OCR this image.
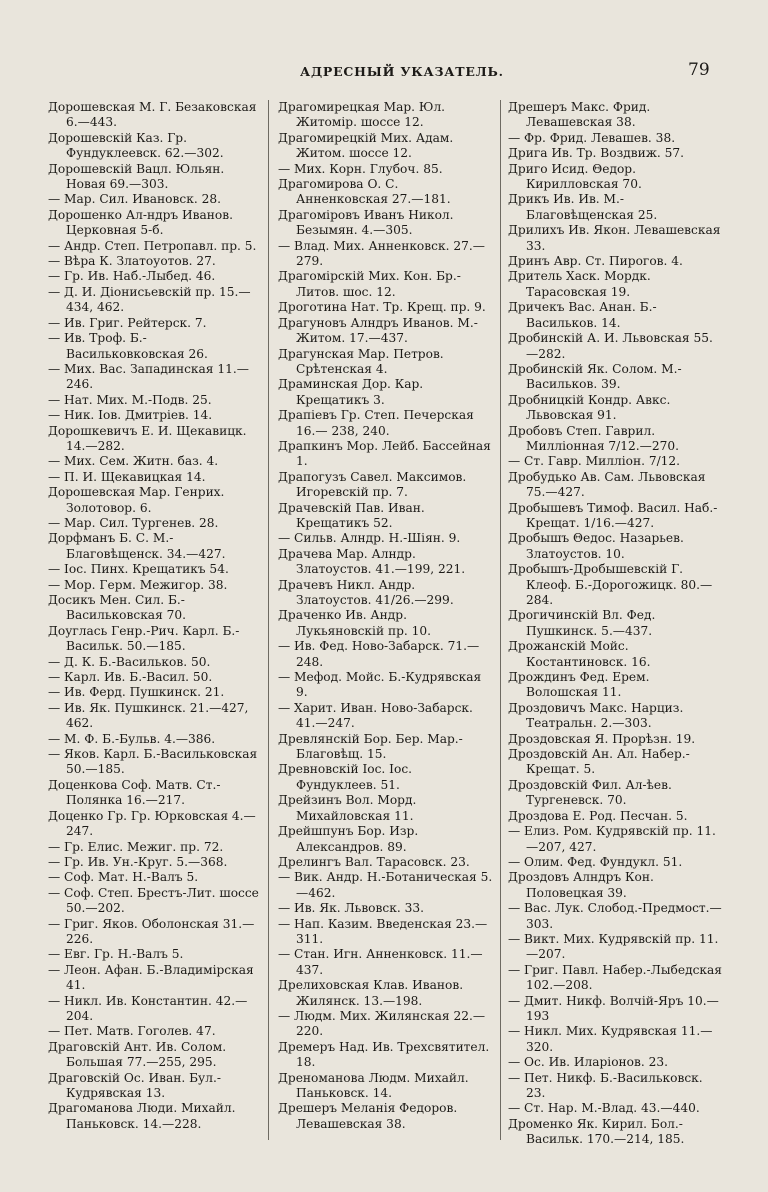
АДРЕСНЫЙ УКАЗАТЕЛЬ.	79

Дорошевская М. Г. Безаковская 6.—443.

Дорошевскій Каз. Гр. Фундуклеевск. 62.—302.

Дорошевскій Вацл. Юльян. Новая 69.—303.

— Мар. Сил. Ивановск. 28.

Дорошенко Ал-ндръ Иванов. Церковная 5-б.

— Андр. Степ. Петропавл. пр. 5.

— Вѣра К. Златоуотов. 27.

— Гр. Ив. Наб.-Лыбед. 46.

— Д. И. Діонисьевскій пр. 15.—434, 462.

— Ив. Григ. Рейтерск. 7.

— Ив. Троф. Б.-Васильковковская 26.

— Мих. Вас. Западинская 11.—246.

— Нат. Мих. М.-Подв. 25.

— Ник. Іов. Дмитріев. 14.

Дорошкевичъ Е. И. Щекавицк. 14.—282.

— Мих. Сем. Житн. баз. 4.

— П. И. Щекавицкая 14.

Дорошевская Мар. Генрих. Золотовор. 6.

— Мар. Сил. Тургенев. 28.

Дорфманъ Б. С. М.-Благовѣщенск. 34.—427.

— Іос. Пинх. Крещатикъ 54.

— Мор. Герм. Межигор. 38.

Досикъ Мен. Сил. Б.-Васильковская 70.

Доуглась Генр.-Рич. Карл. Б.-Васильк. 50.—185.

— Д. К. Б.-Васильков. 50.

— Карл. Ив. Б.-Васил. 50.

— Ив. Ферд. Пушкинск. 21.

— Ив. Як. Пушкинск. 21.—427, 462.

— М. Ф. Б.-Бульв. 4.—386.

— Яков. Карл. Б.-Васильковская 50.—185.

Доценкова Соф. Матв. Ст.-Полянка 16.—217.

Доценко Гр. Гр. Юрковская 4.—247.

— Гр. Елис. Межиг. пр. 72.

— Гр. Ив. Ун.-Круг. 5.—368.

— Соф. Мат. Н.-Валъ 5.

— Соф. Степ. Брестъ-Лит. шоссе 50.—202.

— Григ. Яков. Оболонская 31.—226.

— Евг. Гр. Н.-Валъ 5.

— Леон. Афан. Б.-Владимірская 41.

— Никл. Ив. Константин. 42.—204.

— Пет. Матв. Гоголев. 47.

Драговскій Ант. Ив. Солом. Большая 77.—255, 295.

Драговскій Ос. Иван. Бул.-Кудрявская 13.

Драгоманова Люди. Михайл. Паньковск. 14.—228.

Драгомирецкая Мар. Юл. Житоміp. шоссе 12.

Драгомирецкій Мих. Адам. Житом. шоссе 12.

— Мих. Корн. Глубоч. 85.

Драгомирова О. С. Анненковская 27.—181.

Драгоміровъ Иванъ Никол. Безымян. 4.—305.

— Влад. Мих. Анненковск. 27.—279.

Драгомірскій Мих. Кон. Бр.-Литов. шос. 12.

Дроготина Нат. Тр. Крещ. пр. 9.

Драгуновъ Алндръ Иванов. М.-Житом. 17.—437.

Драгунская Мар. Петров. Срѣтенская 4.

Драминская Дор. Кар. Крещатикъ 3.

Драпіевъ Гр. Степ. Печерская 16.— 238, 240.

Драпкинъ Мор. Лейб. Бассейная 1.

Драпогузъ Савел. Максимов. Игоревскій пр. 7.

Драчевскій Пав. Иван. Крещатикъ 52.

— Сильв. Алндр. Н.-Шіян. 9.

Драчева Мар. Алндр. Златоустов. 41.—199, 221.

Драчевъ Никл. Андр. Златоустов. 41/26.—299.

Драченко Ив. Андр. Лукьяновскій пр. 10.

— Ив. Фед. Ново-Забарск. 71.—248.

— Мефод. Мойс. Б.-Кудрявская 9.

— Харит. Иван. Ново-Забарск. 41.—247.

Древлянскій Бор. Бер. Мар.-Благовѣщ. 15.

Древновскій Іос. Іос. Фундуклеев. 51.

Дрейзинъ Вол. Морд. Михайловская 11.

Дрейшпунъ Бор. Изр. Александров. 89.

Дрелингъ Вал. Тарасовск. 23.

— Вик. Андр. Н.-Ботаническая 5.—462.

— Ив. Як. Львовск. 33.

— Нап. Казим. Введенская 23.—311.

— Стан. Игн. Анненковск. 11.—437.

Дрелиховская Клав. Иванов. Жилянск. 13.—198.

— Людм. Мих. Жилянская 22.—220.

Дремеръ Над. Ив. Трехсвятител. 18.

Дреномaнова Людм. Михайл. Паньковск. 14.

Дрешеръ Меланія Федоров. Левашевская 38.

Дрешеръ Макс. Фрид. Левашевская 38.

— Фр. Фрид. Левашев. 38.

Дрига Ив. Тр. Воздвиж. 57.

Дриго Исид. Θедор. Кирилловская 70.

Дрикъ Ив. Ив. М.-Благовѣщенская 25.

Дрилихъ Ив. Якон. Левашевская 33.

Дринъ Авр. Ст. Пирогов. 4.

Дритель Хаск. Мордк. Тарасовская 19.

Дричекъ Вас. Анан. Б.-Васильков. 14.

Дробинскій А. И. Львовская 55.—282.

Дробинскій Як. Солом. М.-Васильков. 39.

Дробницкій Кондр. Авкс. Львовская 91.

Дробовъ Степ. Гаврил. Милліонная 7/12.—270.

— Ст. Гавр. Милліон. 7/12.

Дробудько Ав. Сам. Львовская 75.—427.

Дробышевъ Тимоф. Васил. Наб.-Крещат. 1/16.—427.

Дробышъ Θедос. Назарьев. Златоустов. 10.

Дробышъ-Дробышевскій Г. Клеоф. Б.-Дорогожицк. 80.—284.

Дрогичинскій Вл. Фед. Пушкинск. 5.—437.

Дрожанскій Мойс. Костантиновск. 16.

Дрождинъ Фед. Ерем. Волошская 11.

Дроздовичъ Макс. Нарциз. Театральн. 2.—303.

Дроздовская Я. Прорѣзн. 19.

Дроздовскій Ан. Ал. Набер.-Крещат. 5.

Дроздовскій Фил. Ал-ѣев. Тургеневск. 70.

Дроздова Е. Род. Песчан. 5.

— Елиз. Ром. Кудрявскій пр. 11.—207, 427.

— Олим. Фед. Фундукл. 51.

Дроздовъ Алндръ Кон. Половецкая 39.

— Вас. Лук. Слобод.-Предмост.—303.

— Викт. Мих. Кудрявскій пр. 11.—207.

— Григ. Павл. Набер.-Лыбедская 102.—208.

— Дмит. Никф. Волчій-Яръ 10.—193

— Никл. Мих. Кудрявская 11.—320.

— Ос. Ив. Иларіонов. 23.

— Пет. Никф. Б.-Васильковск. 23.

— Ст. Нар. М.-Влад. 43.—440.

Дроменко Як. Кирил. Бол.-Васильк. 170.—214, 185.
